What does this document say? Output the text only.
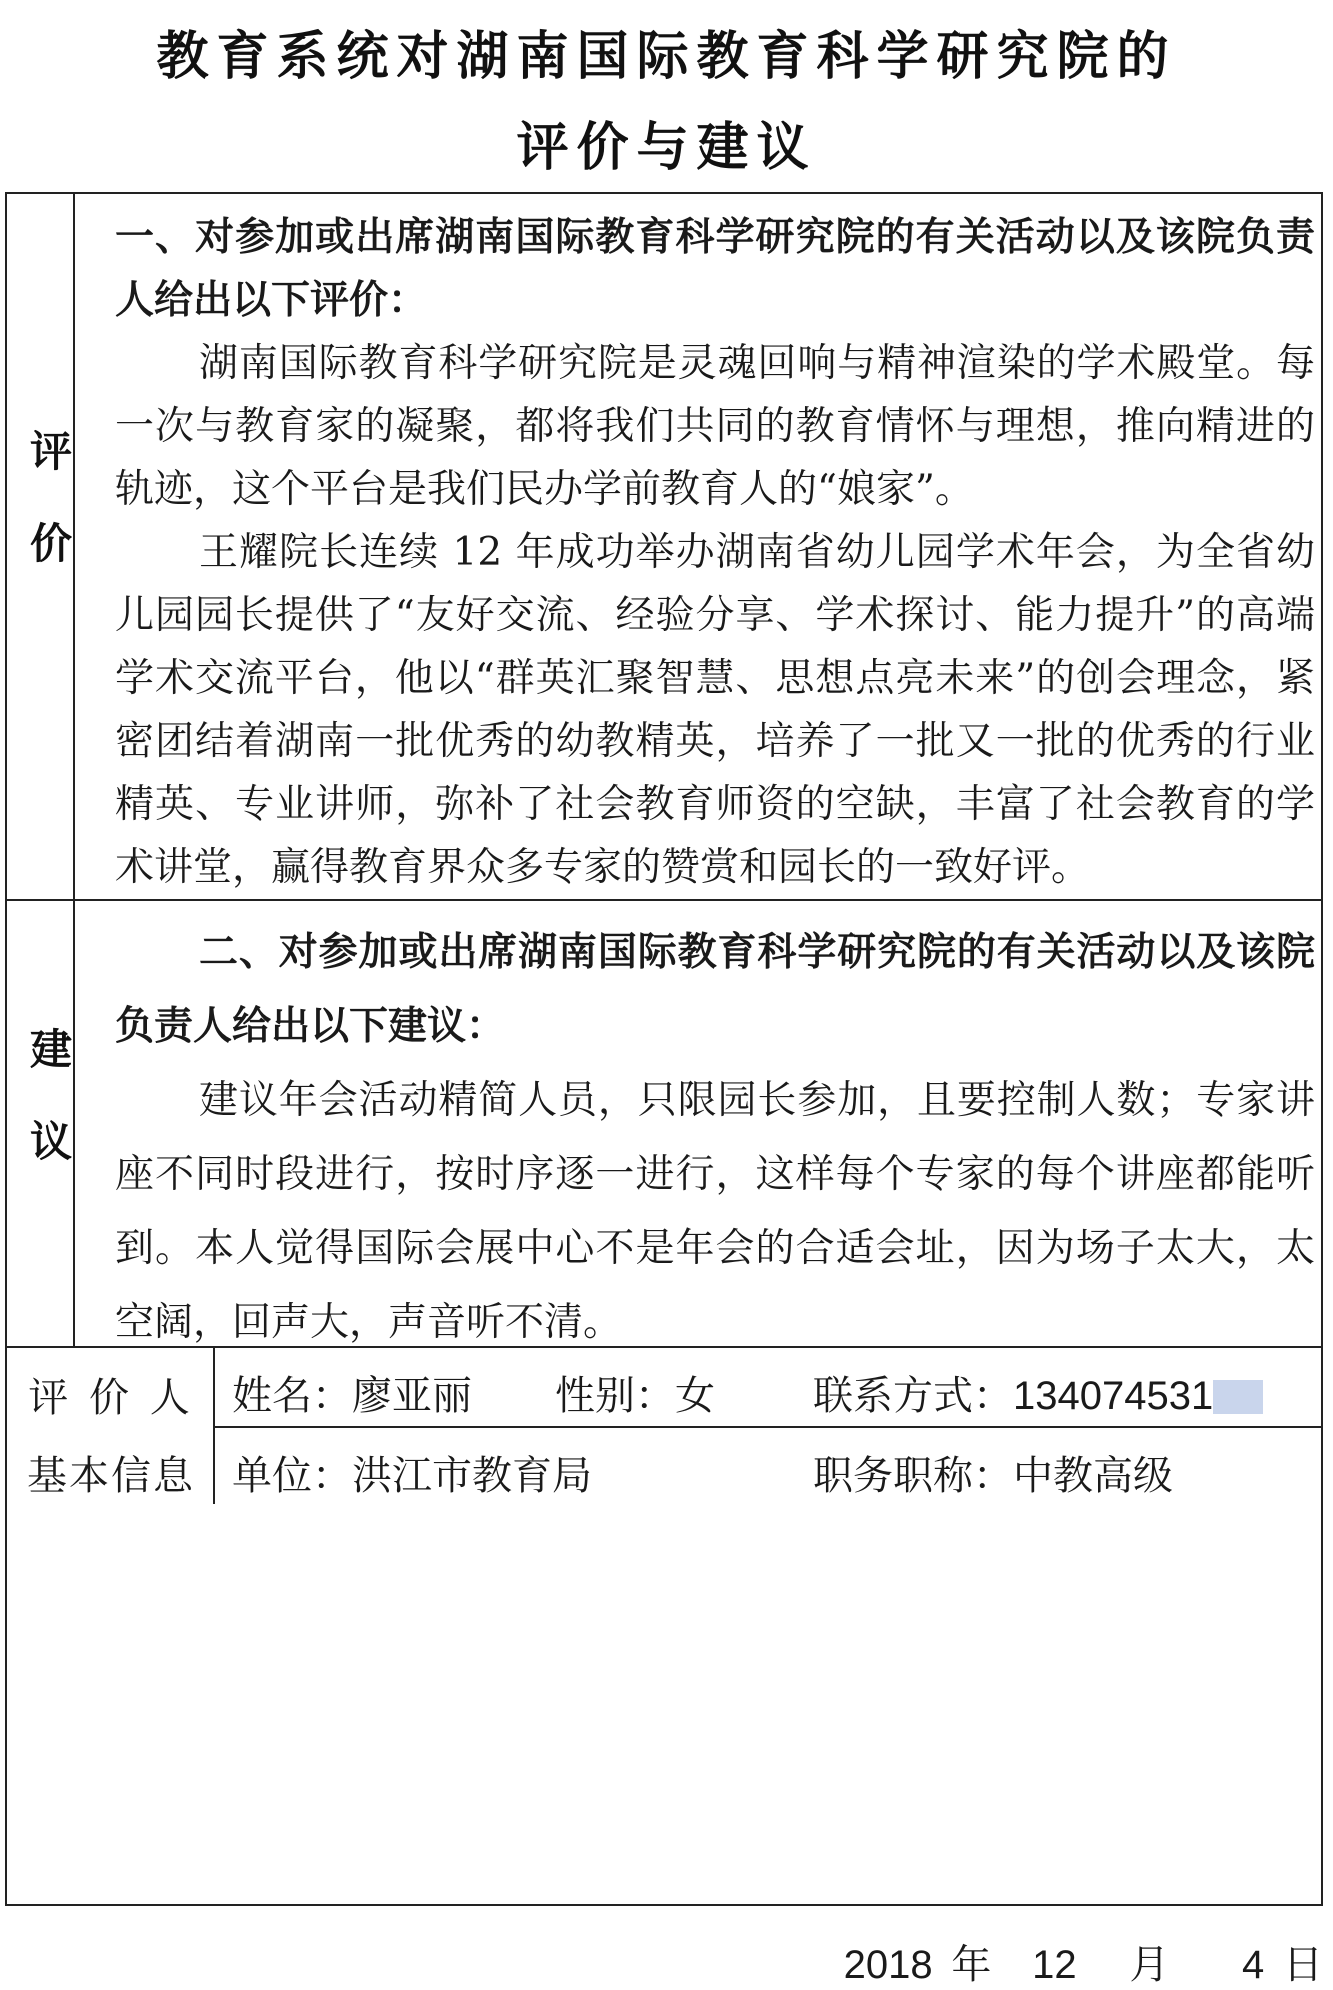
教育系统对湖南国际教育科学研究院的
评价与建议
评
价

一、对参加或出席湖南国际教育科学研究院的有关活动以及该院负责人给出以下评价：

湖南国际教育科学研究院是灵魂回响与精神渲染的学术殿堂。每一次与教育家的凝聚，都将我们共同的教育情怀与理想，推向精进的轨迹，这个平台是我们民办学前教育人的“娘家”。

王耀院长连续 12 年成功举办湖南省幼儿园学术年会，为全省幼儿园园长提供了“友好交流、经验分享、学术探讨、能力提升”的高端学术交流平台，他以“群英汇聚智慧、思想点亮未来”的创会理念，紧密团结着湖南一批优秀的幼教精英，培养了一批又一批的优秀的行业精英、专业讲师，弥补了社会教育师资的空缺，丰富了社会教育的学术讲堂，赢得教育界众多专家的赞赏和园长的一致好评。

建
议

二、对参加或出席湖南国际教育科学研究院的有关活动以及该院负责人给出以下建议：

建议年会活动精简人员，只限园长参加，且要控制人数；专家讲座不同时段进行，按时序逐一进行，这样每个专家的每个讲座都能听到。本人觉得国际会展中心不是年会的合适会址，因为场子太大，太空阔，回声大，声音听不清。

评 价 人
基本信息
姓名：廖亚丽 性别：女 联系方式：134074531
单位：洪江市教育局	职务职称：中教高级
2018 年 12 月 4 日
